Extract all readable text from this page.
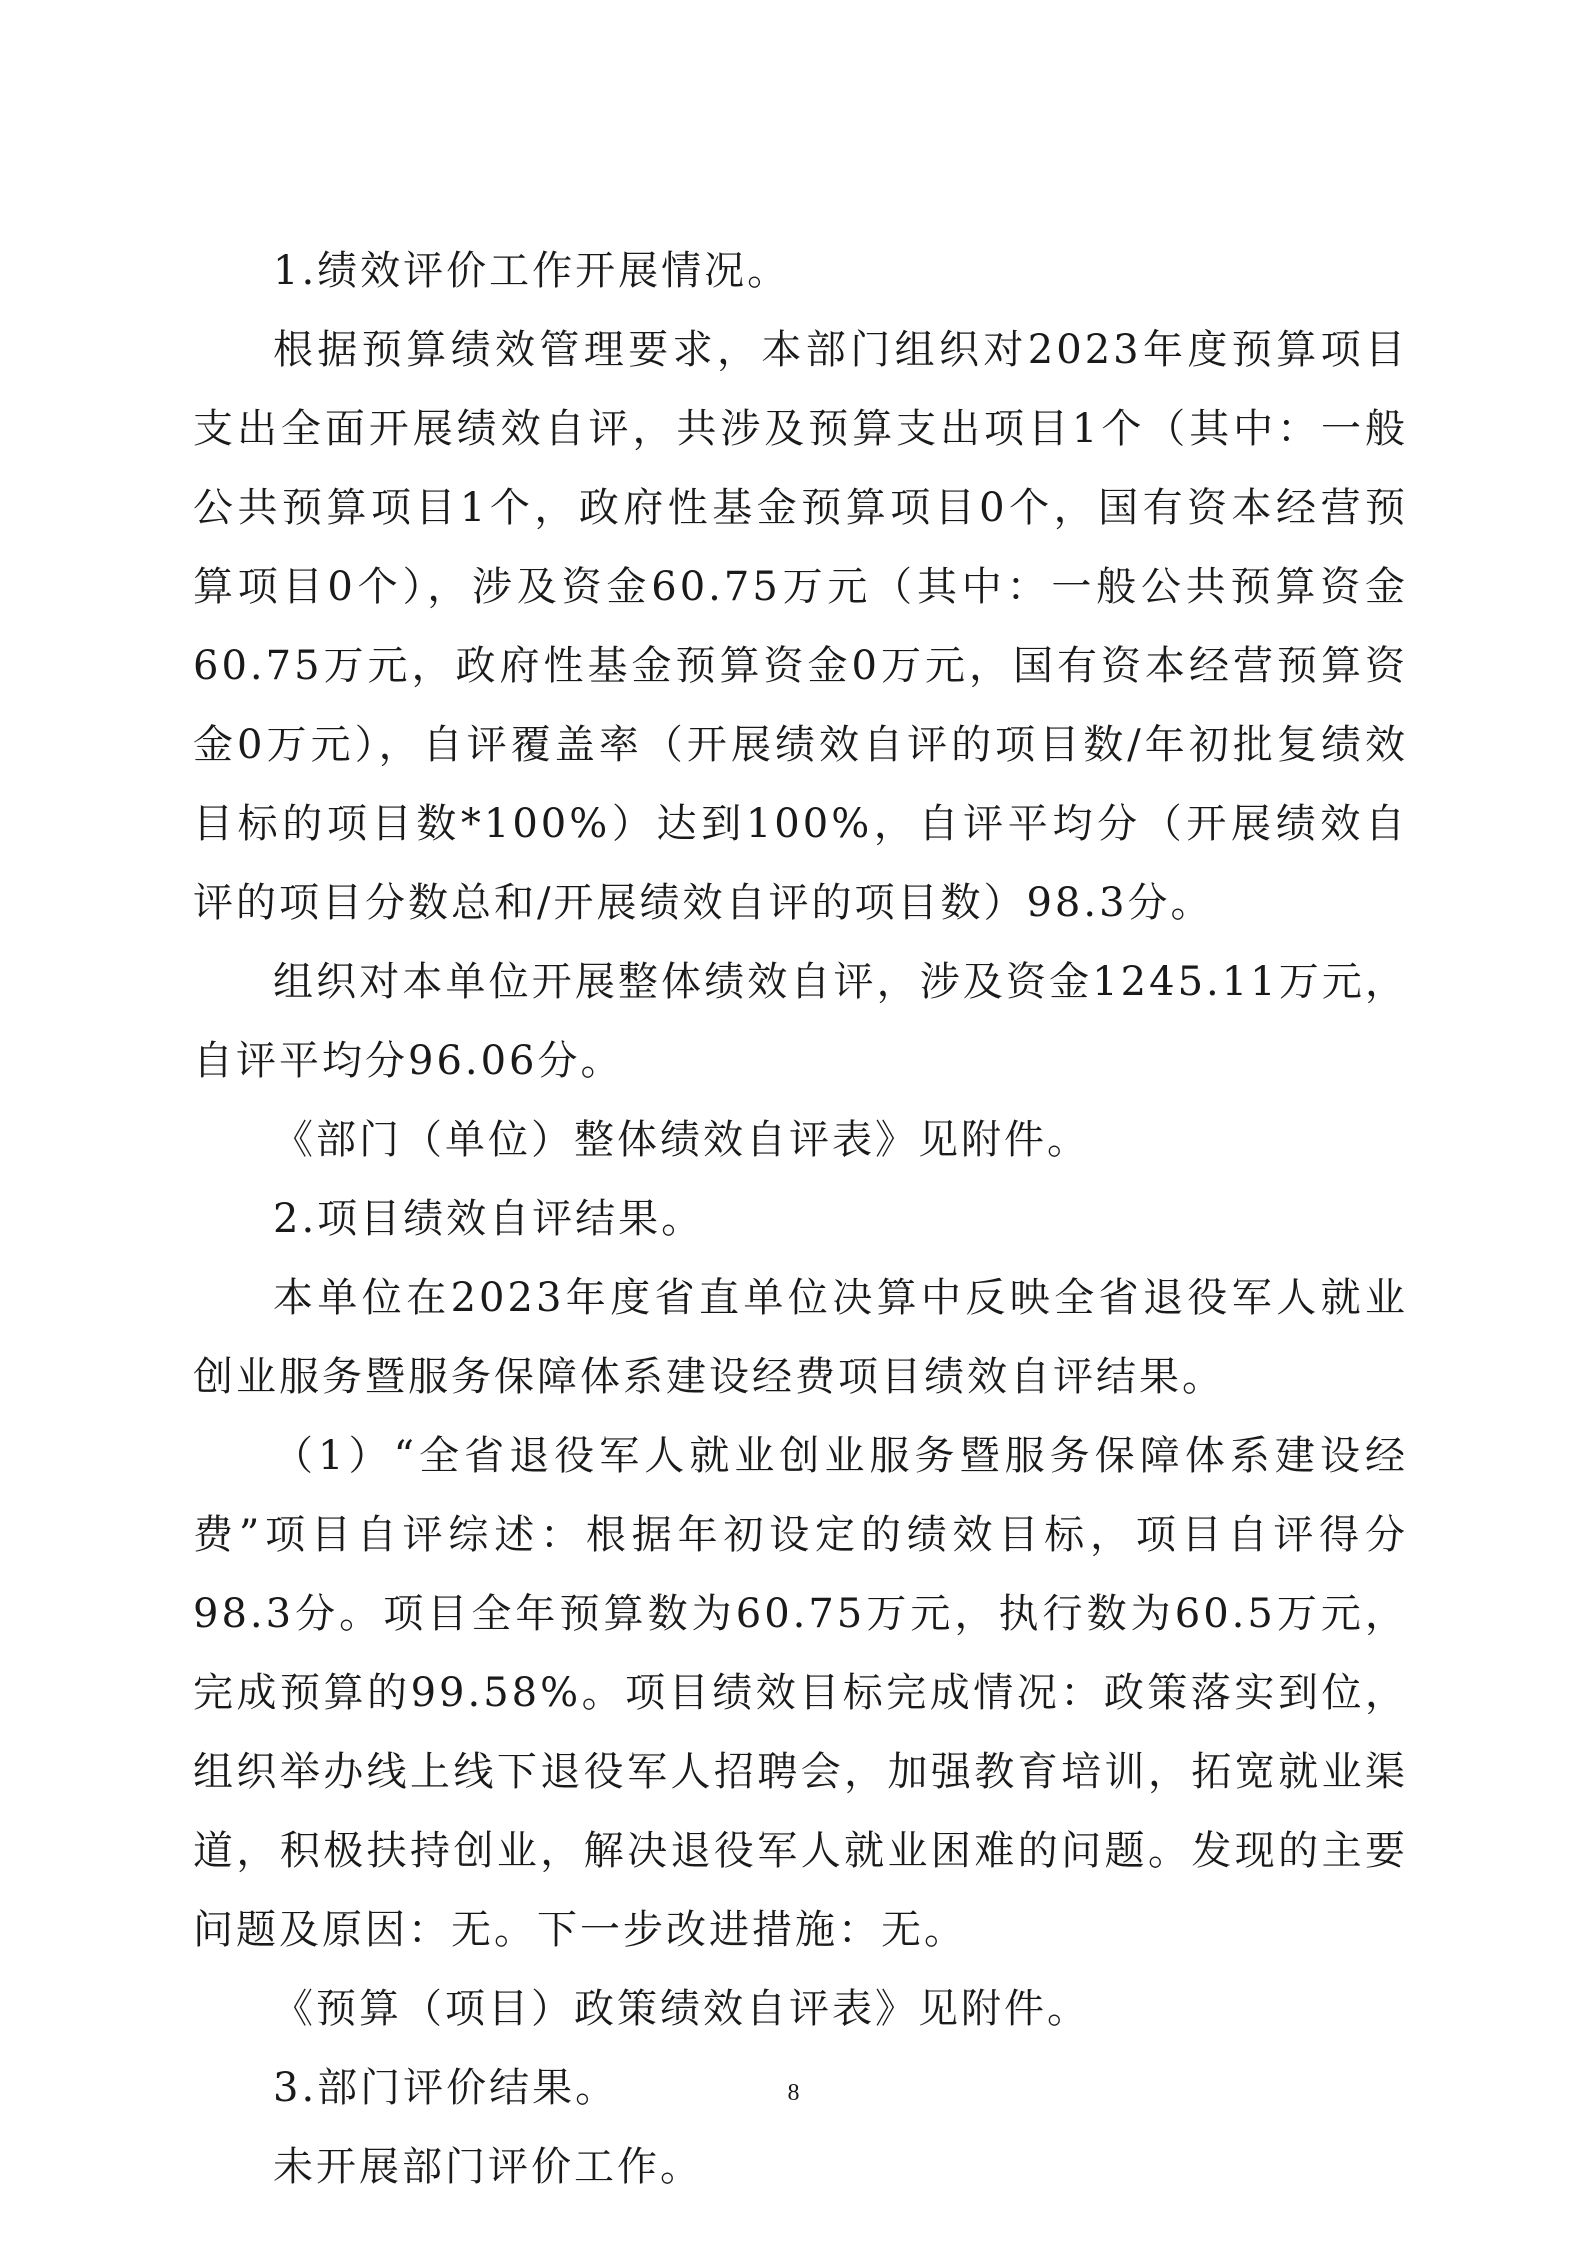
1.绩效评价工作开展情况。

根据预算绩效管理要求，本部门组织对2023年度预算项目支出全面开展绩效自评，共涉及预算支出项目1个（其中：一般公共预算项目1个，政府性基金预算项目0个，国有资本经营预算项目0个），涉及资金60.75万元（其中：一般公共预算资金60.75万元，政府性基金预算资金0万元，国有资本经营预算资金0万元），自评覆盖率（开展绩效自评的项目数/年初批复绩效目标的项目数*100%）达到100%，自评平均分（开展绩效自评的项目分数总和/开展绩效自评的项目数）98.3分。

组织对本单位开展整体绩效自评，涉及资金1245.11万元，自评平均分96.06分。

《部门（单位）整体绩效自评表》见附件。

2.项目绩效自评结果。

本单位在2023年度省直单位决算中反映全省退役军人就业创业服务暨服务保障体系建设经费项目绩效自评结果。

（1）“全省退役军人就业创业服务暨服务保障体系建设经费”项目自评综述：根据年初设定的绩效目标，项目自评得分98.3分。项目全年预算数为60.75万元，执行数为60.5万元，完成预算的99.58%。项目绩效目标完成情况：政策落实到位，组织举办线上线下退役军人招聘会，加强教育培训，拓宽就业渠道，积极扶持创业，解决退役军人就业困难的问题。发现的主要问题及原因：无。下一步改进措施：无。

《预算（项目）政策绩效自评表》见附件。

3.部门评价结果。

未开展部门评价工作。

8
